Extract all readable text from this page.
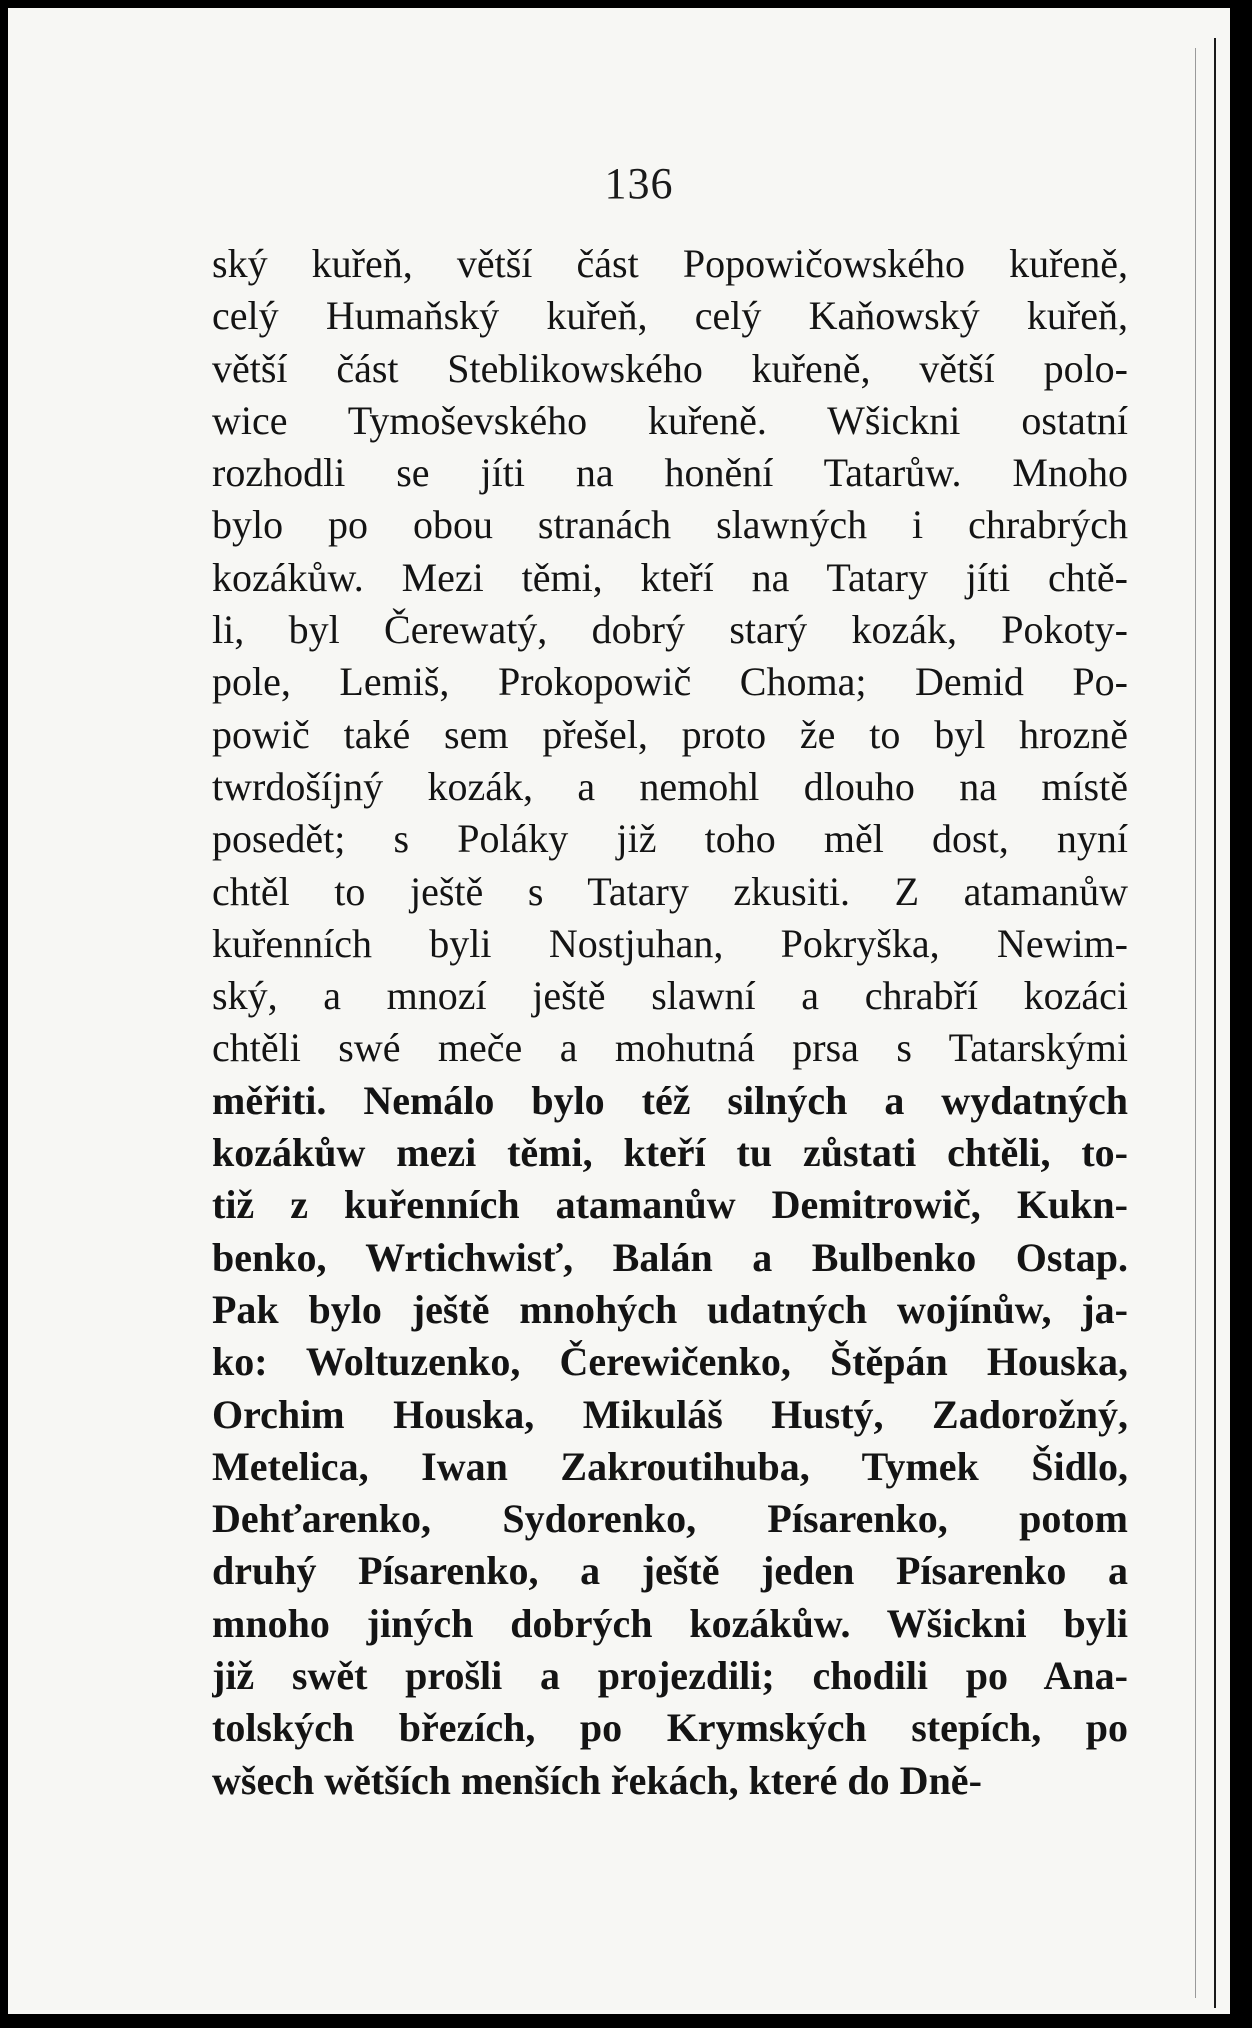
136
ský kuřeň, větší část Popowičowského kuřeně,
celý Humaňský kuřeň, celý Kaňowský kuřeň,
větší část Steblikowského kuřeně, větší polo-
wice Tymoševského kuřeně. Wšickni ostatní
rozhodli se jíti na honění Tatarůw. Mnoho
bylo po obou stranách slawných i chrabrých
kozákůw. Mezi těmi, kteří na Tatary jíti chtě-
li, byl Čerewatý, dobrý starý kozák, Pokoty-
pole, Lemiš, Prokopowič Choma; Demid Po-
powič také sem přešel, proto že to byl hrozně
twrdošíjný kozák, a nemohl dlouho na místě
posedět; s Poláky již toho měl dost, nyní
chtěl to ještě s Tatary zkusiti. Z atamanůw
kuřenních byli Nostjuhan, Pokryška, Newim-
ský, a mnozí ještě slawní a chrabří kozáci
chtěli swé meče a mohutná prsa s Tatarskými
měřiti. Nemálo bylo též silných a wydatných
kozákůw mezi těmi, kteří tu zůstati chtěli, to-
tiž z kuřenních atamanůw Demitrowič, Kukn-
benko, Wrtichwisť, Balán a Bulbenko Ostap.
Pak bylo ještě mnohých udatných wojínůw, ja-
ko: Woltuzenko, Čerewičenko, Štěpán Houska,
Orchim Houska, Mikuláš Hustý, Zadorožný,
Metelica, Iwan Zakroutihuba, Tymek Šidlo,
Dehťarenko, Sydorenko, Písarenko, potom
druhý Písarenko, a ještě jeden Písarenko a
mnoho jiných dobrých kozákůw. Wšickni byli
již swět prošli a projezdili; chodili po Ana-
tolských březích, po Krymských stepích, po
wšech wětších menších řekách, které do Dně-
